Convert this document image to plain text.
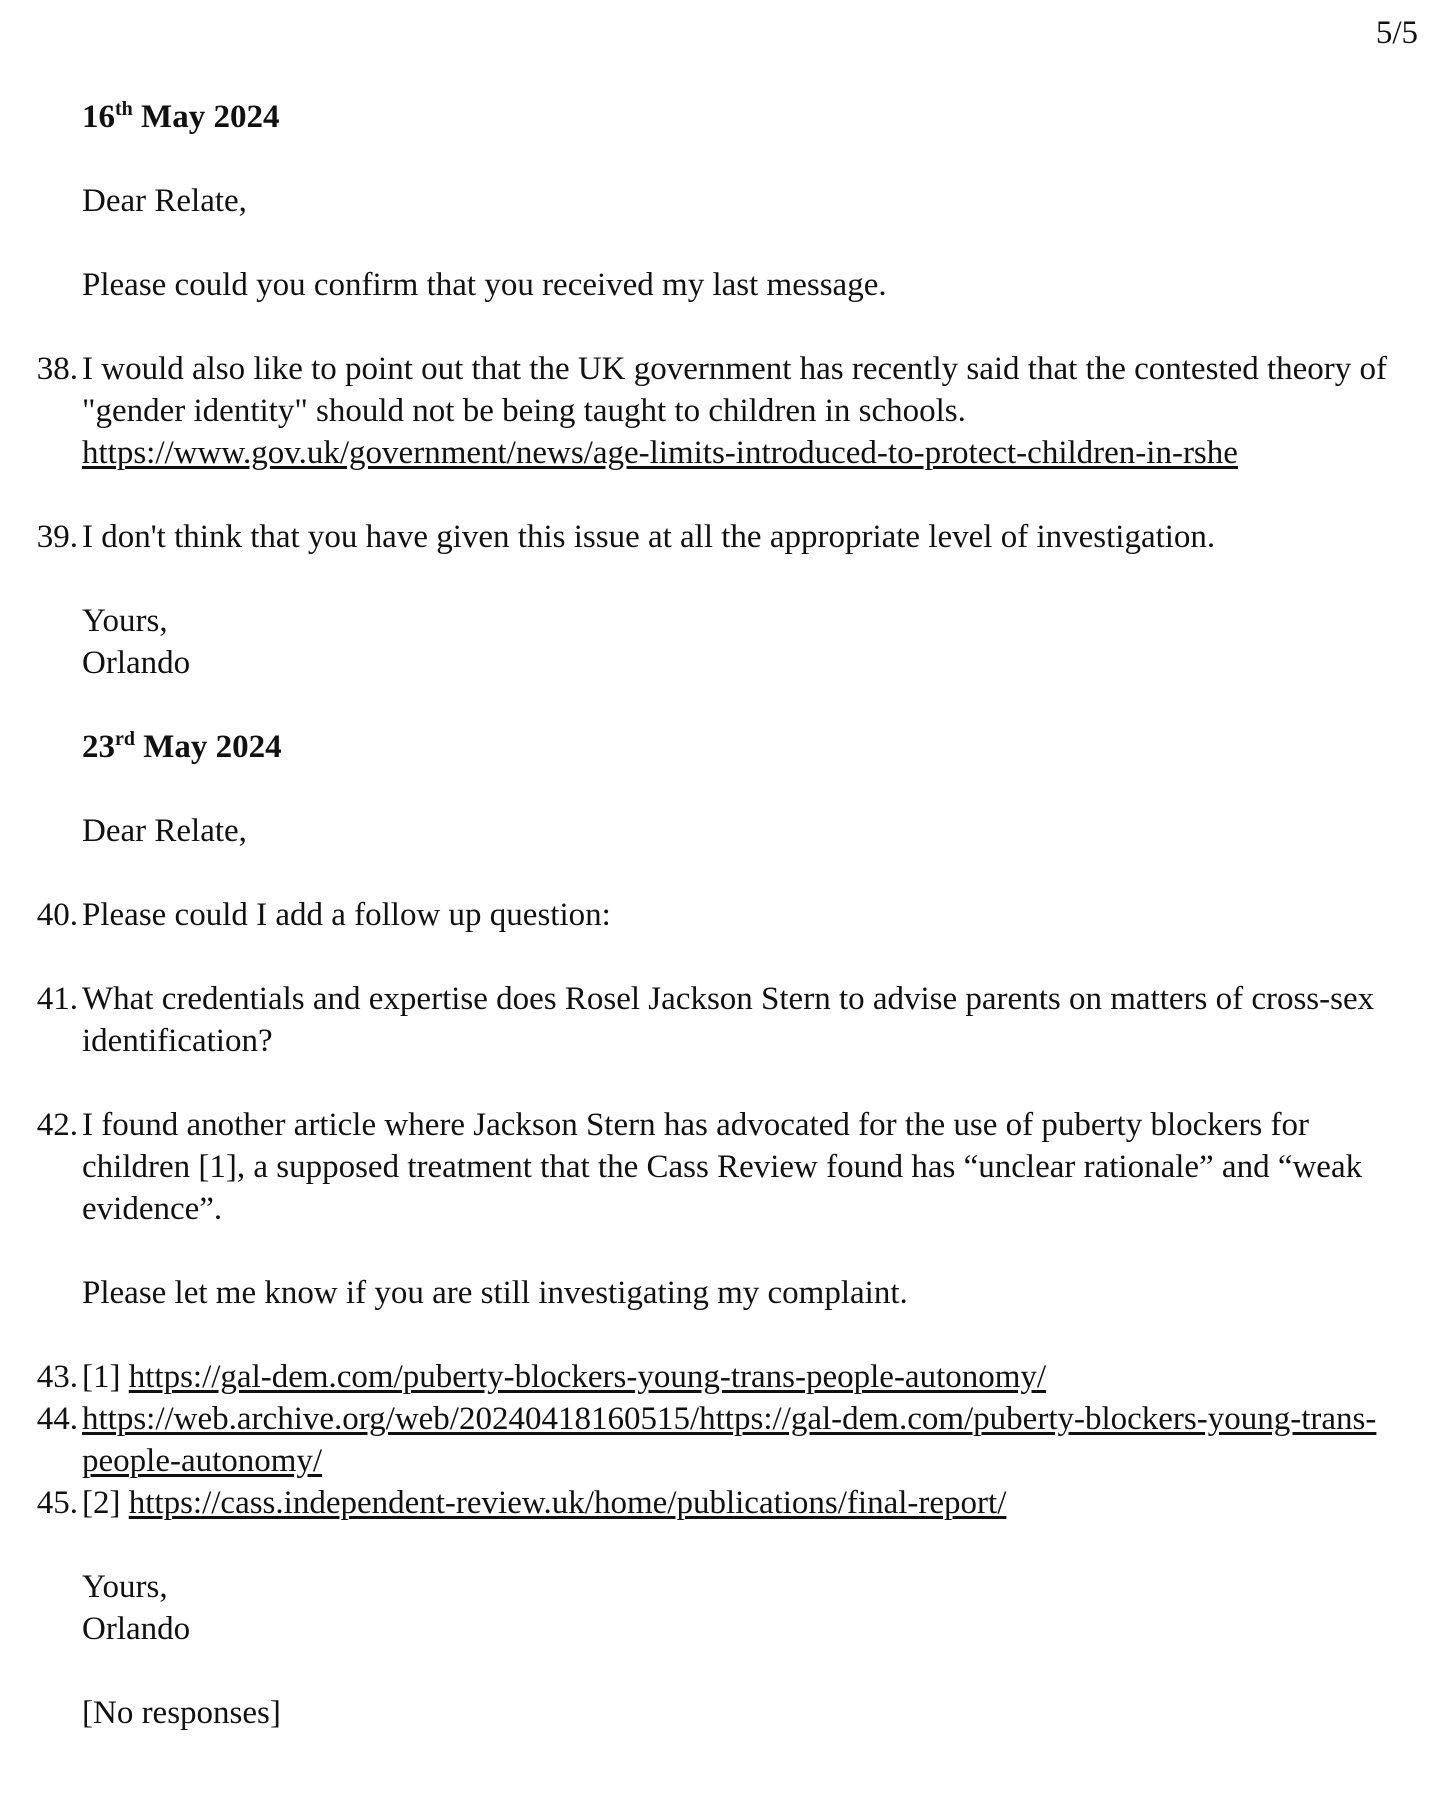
5/5
16th May 2024
Dear Relate,
Please could you confirm that you received my last message.
38. I would also like to point out that the UK government has recently said that the contested theory of "gender identity" should not be being taught to children in schools.
https://www.gov.uk/government/news/age-limits-introduced-to-protect-children-in-rshe
39. I don't think that you have given this issue at all the appropriate level of investigation.
Yours,
Orlando
23rd May 2024
Dear Relate,
40. Please could I add a follow up question:
41. What credentials and expertise does Rosel Jackson Stern to advise parents on matters of cross-sex identification?
42. I found another article where Jackson Stern has advocated for the use of puberty blockers for children [1], a supposed treatment that the Cass Review found has “unclear rationale” and “weak evidence”.
Please let me know if you are still investigating my complaint.
43. [1] https://gal-dem.com/puberty-blockers-young-trans-people-autonomy/
44. https://web.archive.org/web/20240418160515/https://gal-dem.com/puberty-blockers-young-trans-people-autonomy/
45. [2] https://cass.independent-review.uk/home/publications/final-report/
Yours,
Orlando
[No responses]
